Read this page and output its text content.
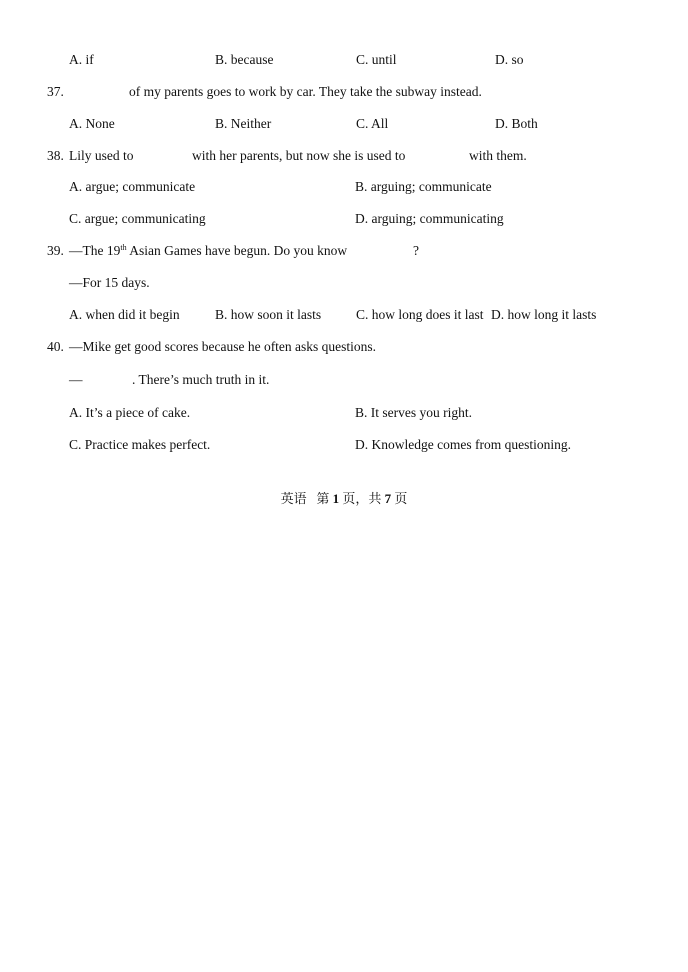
A. if	B. because	C. until	D. so
37.	of my parents goes to work by car. They take the subway instead.
A. None	B. Neither	C. All	D. Both
38. Lily used to	with her parents, but now she is used to	with them.
A. argue; communicate	B. arguing; communicate
C. argue; communicating	D. arguing; communicating
39. —The 19th Asian Games have begun. Do you know	?
—For 15 days.
A. when did it begin	B. how soon it lasts	C. how long does it last D. how long it lasts
40. —Mike get good scores because he often asks questions.
—	. There’s much truth in it.
A. It’s a piece of cake.	B. It serves you right.
C. Practice makes perfect.	D. Knowledge comes from questioning.
英语 第 1 页，共 7 页
